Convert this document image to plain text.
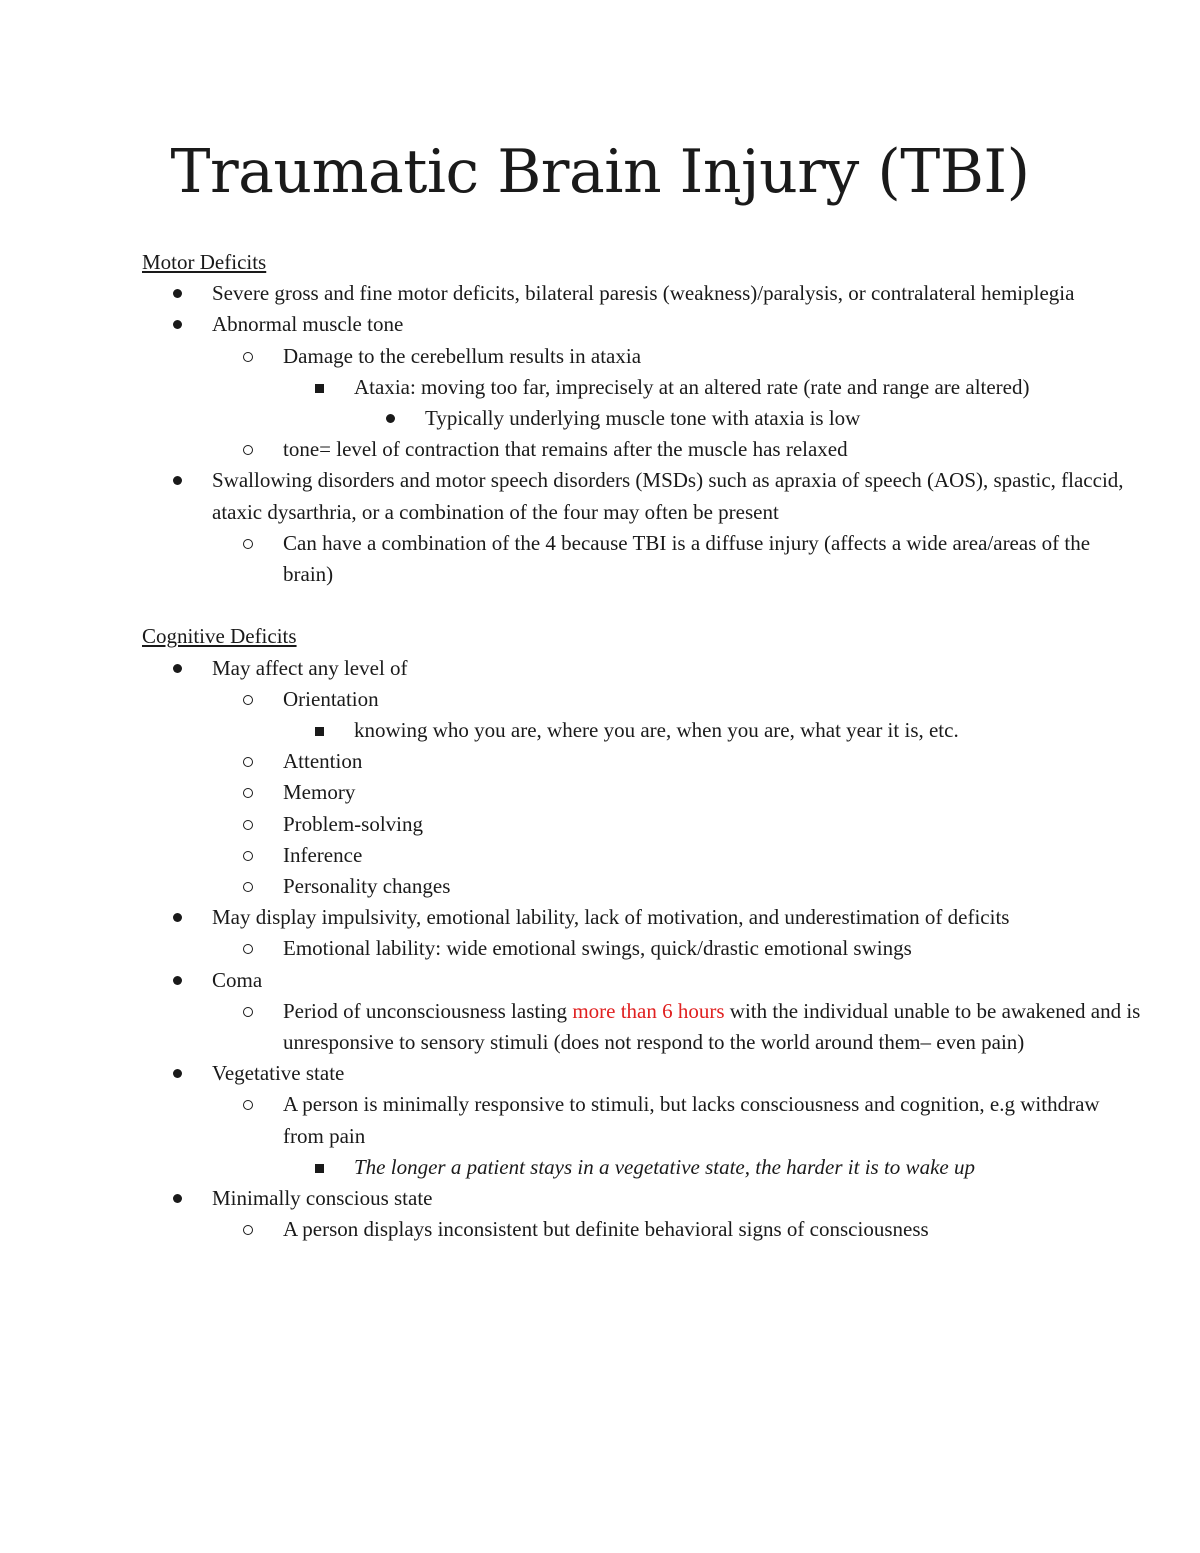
Traumatic Brain Injury (TBI)

Motor Deficits

Severe gross and fine motor deficits, bilateral paresis (weakness)/paralysis, or contralateral hemiplegia
Abnormal muscle tone
Damage to the cerebellum results in ataxia
Ataxia: moving too far, imprecisely at an altered rate (rate and range are altered)
Typically underlying muscle tone with ataxia is low
tone= level of contraction that remains after the muscle has relaxed
Swallowing disorders and motor speech disorders (MSDs) such as apraxia of speech (AOS), spastic, flaccid, ataxic dysarthria, or a combination of the four may often be present
Can have a combination of the 4 because TBI is a diffuse injury (affects a wide area/areas of the brain)

Cognitive Deficits

May affect any level of
Orientation
knowing who you are, where you are, when you are, what year it is, etc.
Attention
Memory
Problem-solving
Inference
Personality changes
May display impulsivity, emotional lability, lack of motivation, and underestimation of deficits
Emotional lability: wide emotional swings, quick/drastic emotional swings
Coma
Period of unconsciousness lasting more than 6 hours with the individual unable to be awakened and is unresponsive to sensory stimuli (does not respond to the world around them– even pain)
Vegetative state
A person is minimally responsive to stimuli, but lacks consciousness and cognition, e.g withdraw from pain
The longer a patient stays in a vegetative state, the harder it is to wake up
Minimally conscious state
A person displays inconsistent but definite behavioral signs of consciousness
